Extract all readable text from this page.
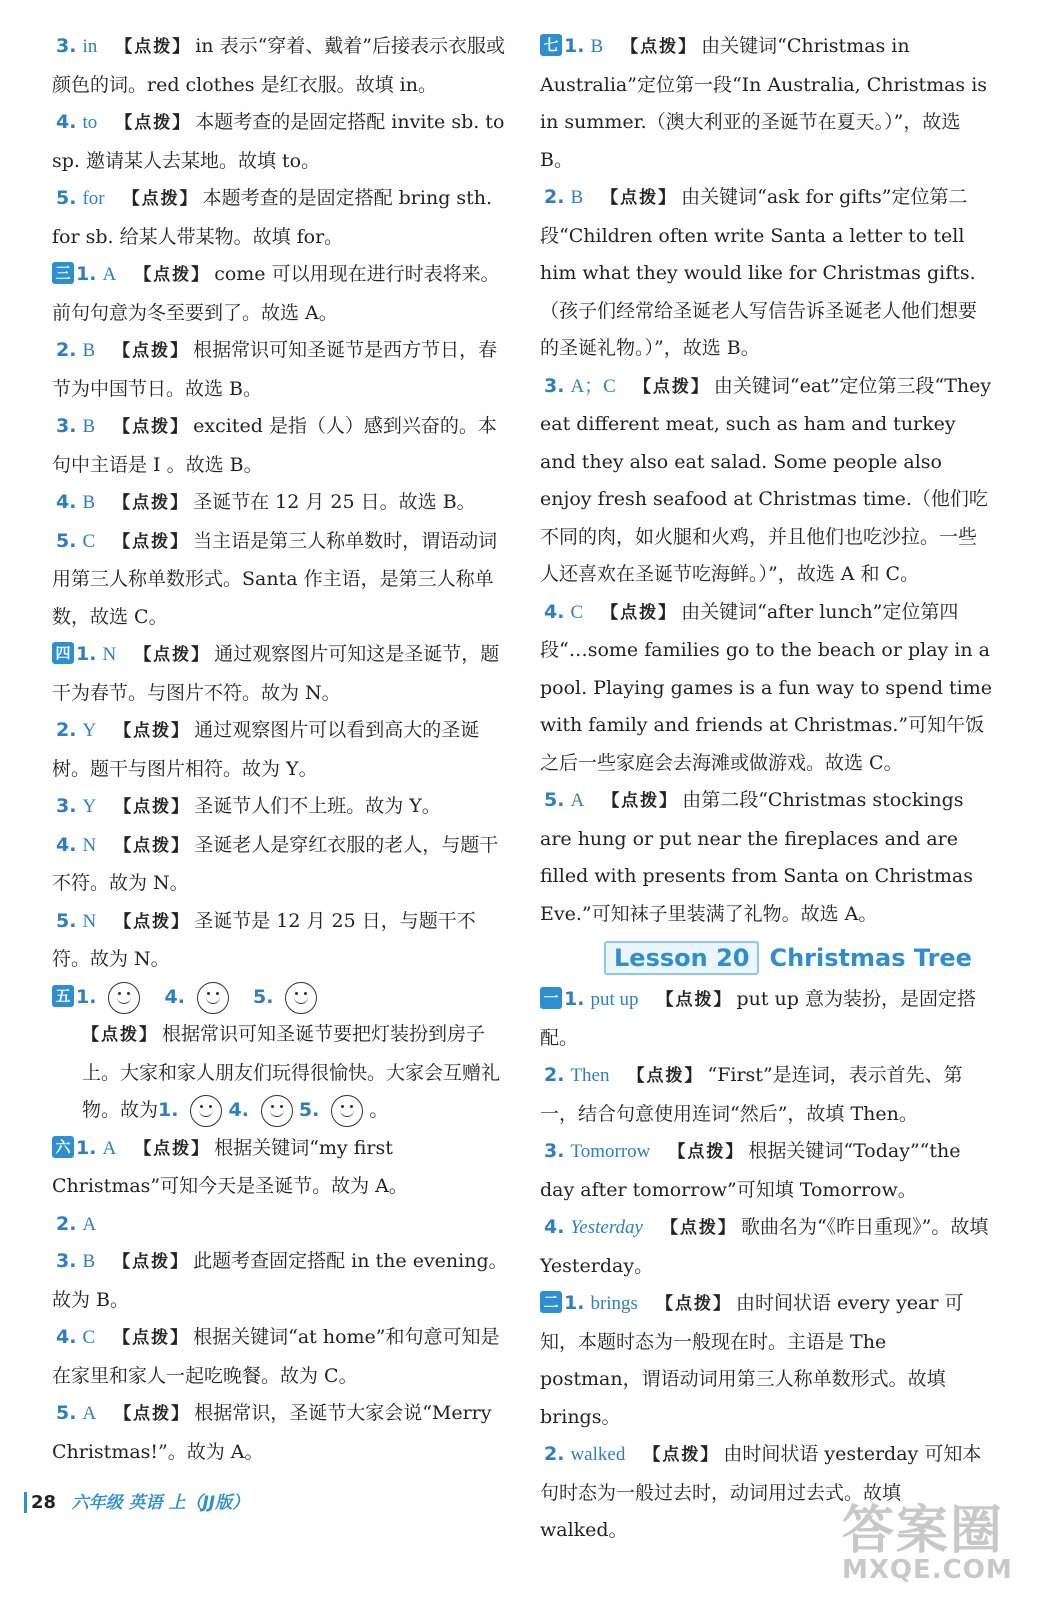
3. in 【点拨】 in 表示“穿着、戴着”后接表示衣服或颜色的词。red clothes 是红衣服。故填 in。
4. to 【点拨】 本题考查的是固定搭配 invite sb. to sp. 邀请某人去某地。故填 to。
5. for 【点拨】 本题考查的是固定搭配 bring sth. for sb. 给某人带某物。故填 for。
三 1. A 【点拨】 come 可以用现在进行时表将来。前句句意为冬至要到了。故选 A。
2. B 【点拨】 根据常识可知圣诞节是西方节日，春节为中国节日。故选 B。
3. B 【点拨】 excited 是指（人）感到兴奋的。本句中主语是 I 。故选 B。
4. B 【点拨】 圣诞节在 12 月 25 日。故选 B。
5. C 【点拨】 当主语是第三人称单数时，谓语动词用第三人称单数形式。Santa 作主语，是第三人称单数，故选 C。
四 1. N 【点拨】 通过观察图片可知这是圣诞节，题干为春节。与图片不符。故为 N。
2. Y 【点拨】 通过观察图片可以看到高大的圣诞树。题干与图片相符。故为 Y。
3. Y 【点拨】 圣诞节人们不上班。故为 Y。
4. N 【点拨】 圣诞老人是穿红衣服的老人，与题干不符。故为 N。
5. N 【点拨】 圣诞节是 12 月 25 日，与题干不符。故为 N。
五 1.	4.	5.
【点拨】 根据常识可知圣诞节要把灯装扮到房子上。大家和家人朋友们玩得很愉快。大家会互赠礼物。故为1.	4.	5.	。
六 1. A 【点拨】 根据关键词“my first Christmas”可知今天是圣诞节。故为 A。
2. A
3. B 【点拨】 此题考查固定搭配 in the evening。故为 B。
4. C 【点拨】 根据关键词“at home”和句意可知是在家里和家人一起吃晚餐。故为 C。
5. A 【点拨】 根据常识，圣诞节大家会说“Merry Christmas!”。故为 A。
七 1. B 【点拨】 由关键词“Christmas in Australia”定位第一段“In Australia, Christmas is in summer.（澳大利亚的圣诞节在夏天。）”，故选 B。
2. B 【点拨】 由关键词“ask for gifts”定位第二段“Children often write Santa a letter to tell him what they would like for Christmas gifts.（孩子们经常给圣诞老人写信告诉圣诞老人他们想要的圣诞礼物。）”，故选 B。
3. A；C 【点拨】 由关键词“eat”定位第三段“They eat different meat, such as ham and turkey and they also eat salad. Some people also enjoy fresh seafood at Christmas time.（他们吃不同的肉，如火腿和火鸡，并且他们也吃沙拉。一些人还喜欢在圣诞节吃海鲜。）”，故选 A 和 C。
4. C 【点拨】 由关键词“after lunch”定位第四段“…some families go to the beach or play in a pool. Playing games is a fun way to spend time with family and friends at Christmas.”可知午饭之后一些家庭会去海滩或做游戏。故选 C。
5. A 【点拨】 由第二段“Christmas stockings are hung or put near the fireplaces and are filled with presents from Santa on Christmas Eve.”可知袜子里装满了礼物。故选 A。
Lesson 20 Christmas Tree
一 1. put up 【点拨】 put up 意为装扮，是固定搭配。
2. Then 【点拨】 “First”是连词，表示首先、第一，结合句意使用连词“然后”，故填 Then。
3. Tomorrow 【点拨】 根据关键词“Today”“the day after tomorrow”可知填 Tomorrow。
4. Yesterday 【点拨】 歌曲名为“《昨日重现》”。故填 Yesterday。
二 1. brings 【点拨】 由时间状语 every year 可知，本题时态为一般现在时。主语是 The postman，谓语动词用第三人称单数形式。故填 brings。
2. walked 【点拨】 由时间状语 yesterday 可知本句时态为一般过去时，动词用过去式。故填 walked。
28 六年级 英语 上（JJ版）	答案圈
MXQE.COM
